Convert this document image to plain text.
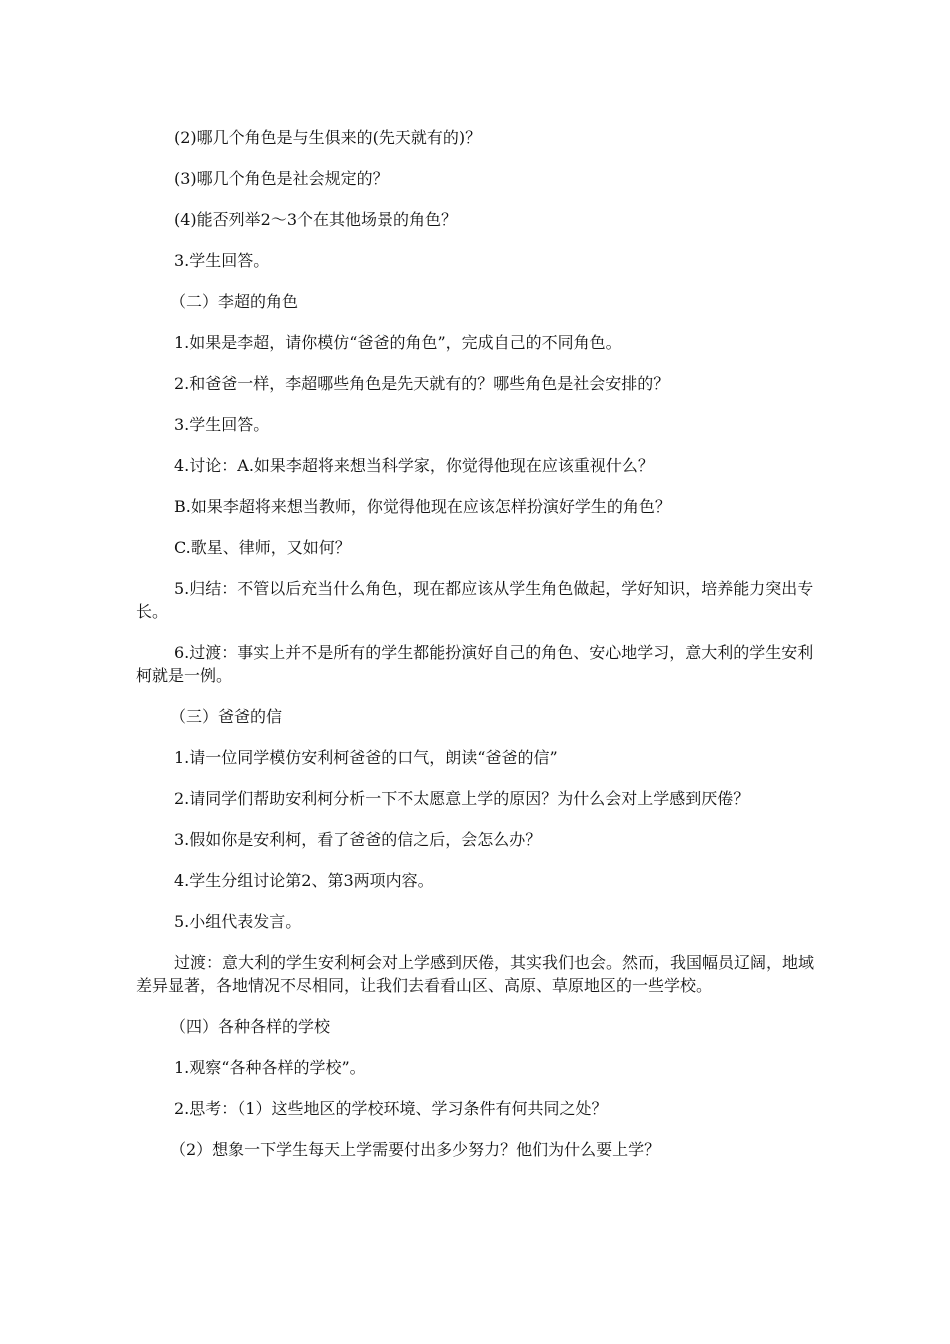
(2)哪几个角色是与生俱来的(先天就有的)？

(3)哪几个角色是社会规定的？

(4)能否列举2～3个在其他场景的角色？

3.学生回答。

（二）李超的角色

1.如果是李超，请你模仿“爸爸的角色”，完成自己的不同角色。

2.和爸爸一样，李超哪些角色是先天就有的？哪些角色是社会安排的？

3.学生回答。

4.讨论：A.如果李超将来想当科学家，你觉得他现在应该重视什么？

B.如果李超将来想当教师，你觉得他现在应该怎样扮演好学生的角色？

C.歌星、律师，又如何？

5.归结：不管以后充当什么角色，现在都应该从学生角色做起，学好知识，培养能力突出专长。

6.过渡：事实上并不是所有的学生都能扮演好自己的角色、安心地学习，意大利的学生安利柯就是一例。

（三）爸爸的信

1.请一位同学模仿安利柯爸爸的口气，朗读“爸爸的信”

2.请同学们帮助安利柯分析一下不太愿意上学的原因？为什么会对上学感到厌倦？

3.假如你是安利柯，看了爸爸的信之后，会怎么办？

4.学生分组讨论第2、第3两项内容。

5.小组代表发言。

过渡：意大利的学生安利柯会对上学感到厌倦，其实我们也会。然而，我国幅员辽阔，地域差异显著，各地情况不尽相同，让我们去看看山区、高原、草原地区的一些学校。

（四）各种各样的学校

1.观察“各种各样的学校”。

2.思考：（1）这些地区的学校环境、学习条件有何共同之处？

（2）想象一下学生每天上学需要付出多少努力？他们为什么要上学？
